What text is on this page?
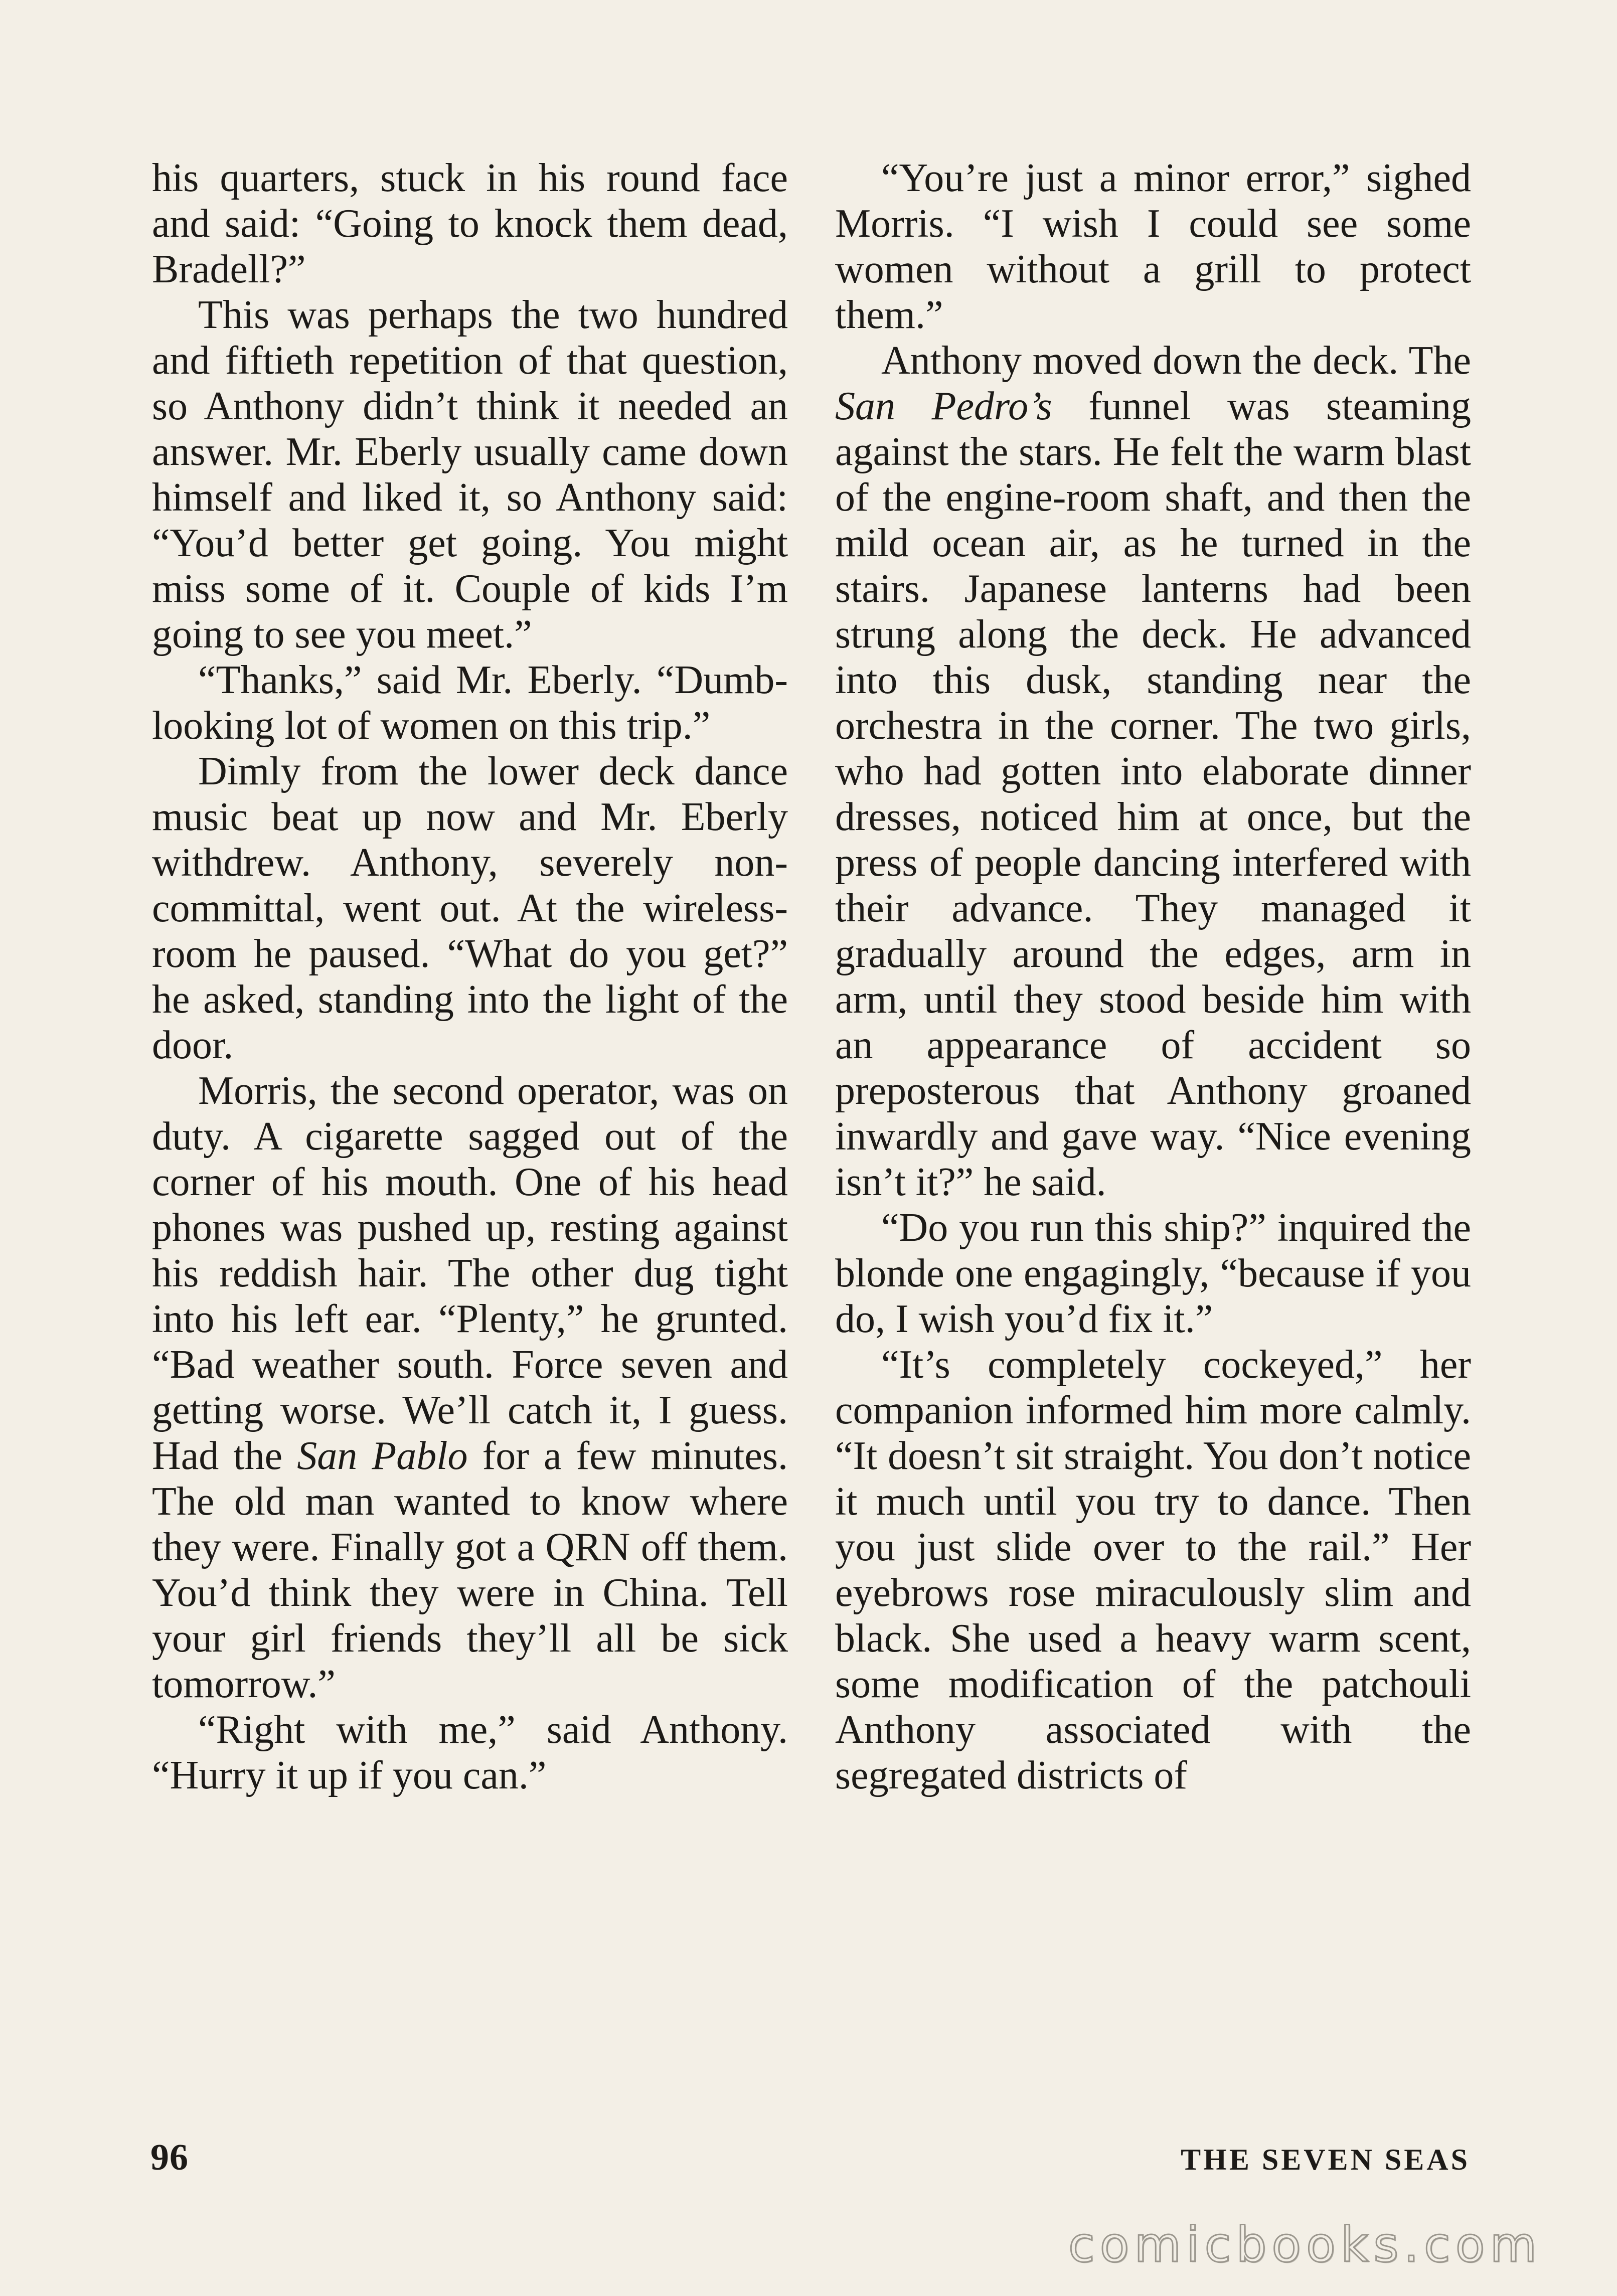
his quarters, stuck in his round face and said: “Going to knock them dead, Bradell?”

This was perhaps the two hundred and fiftieth repetition of that question, so Anthony didn’t think it needed an answer. Mr. Eberly usually came down himself and liked it, so Anthony said: “You’d better get going. You might miss some of it. Couple of kids I’m going to see you meet.”

“Thanks,” said Mr. Eberly. “Dumb-looking lot of women on this trip.”

Dimly from the lower deck dance music beat up now and Mr. Eberly withdrew. Anthony, severely non-committal, went out. At the wireless-room he paused. “What do you get?” he asked, standing into the light of the door.

Morris, the second operator, was on duty. A cigarette sagged out of the corner of his mouth. One of his head phones was pushed up, resting against his reddish hair. The other dug tight into his left ear. “Plenty,” he grunted. “Bad weather south. Force seven and getting worse. We’ll catch it, I guess. Had the San Pablo for a few minutes. The old man wanted to know where they were. Finally got a QRN off them. You’d think they were in China. Tell your girl friends they’ll all be sick tomorrow.”

“Right with me,” said Anthony. “Hurry it up if you can.”

“You’re just a minor error,” sighed Morris. “I wish I could see some women without a grill to protect them.”

Anthony moved down the deck. The San Pedro’s funnel was steaming against the stars. He felt the warm blast of the engine-room shaft, and then the mild ocean air, as he turned in the stairs. Japanese lanterns had been strung along the deck. He advanced into this dusk, standing near the orchestra in the corner. The two girls, who had gotten into elaborate dinner dresses, noticed him at once, but the press of people dancing interfered with their advance. They managed it gradually around the edges, arm in arm, until they stood beside him with an appearance of accident so preposterous that Anthony groaned inwardly and gave way. “Nice evening isn’t it?” he said.

“Do you run this ship?” inquired the blonde one engagingly, “because if you do, I wish you’d fix it.”

“It’s completely cockeyed,” her companion informed him more calmly. “It doesn’t sit straight. You don’t notice it much until you try to dance. Then you just slide over to the rail.” Her eyebrows rose miraculously slim and black. She used a heavy warm scent, some modification of the patchouli Anthony associated with the segregated districts of

96	THE SEVEN SEAS
comicbooks.com
